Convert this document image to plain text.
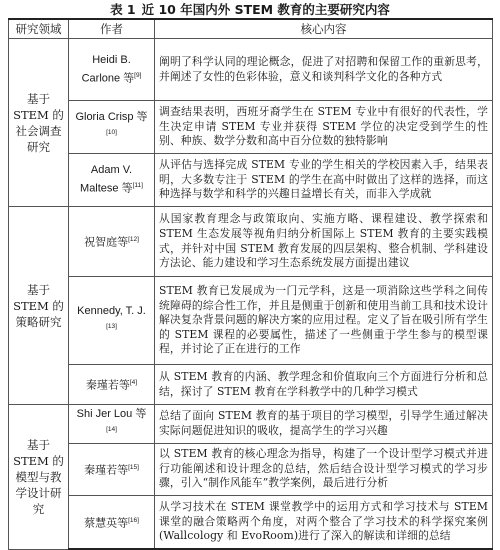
表 1 近 10 年国内外 STEM 教育的主要研究内容
研究领域	作者	核心内容
基于 STEM 的社会调查研究	Heidi B. Carlone 等[9]	阐明了科学认同的理论概念，促进了对招聘和保留工作的重新思考，并阐述了女性的色彩体验，意义和谈判科学文化的各种方式
	Gloria Crisp 等[10]	调查结果表明，西班牙裔学生在 STEM 专业中有很好的代表性，学生决定申请 STEM 专业并获得 STEM 学位的决定受到学生的性别、种族、数学分数和高中百分位数的独特影响
	Adam V. Maltese 等[11]	从评估与选择完成 STEM 专业的学生相关的学校因素入手，结果表明，大多数专注于 STEM 的学生在高中时做出了这样的选择，而这种选择与数学和科学的兴趣日益增长有关，而非入学成就
基于 STEM 的策略研究	祝智庭等[12]	从国家教育理念与政策取向、实施方略、课程建设、教学探索和 STEM 生态发展等视角归纳分析国际上 STEM 教育的主要实践模式，并针对中国 STEM 教育发展的四层架构、整合机制、学科建设方法论、能力建设和学习生态系统发展方面提出建议
	Kennedy, T. J.[13]	STEM 教育已发展成为一门元学科，这是一项消除这些学科之间传统障碍的综合性工作，并且是侧重于创新和使用当前工具和技术设计解决复杂背景问题的解决方案的应用过程。定义了旨在吸引所有学生的 STEM 课程的必要属性，描述了一些侧重于学生参与的模型课程，并讨论了正在进行的工作
	秦瑾若等[4]	从 STEM 教育的内涵、教学理念和价值取向三个方面进行分析和总结，探讨了 STEM 教育在学科教学中的几种学习模式
基于 STEM 的模型与教学设计研究	Shi Jer Lou 等[14]	总结了面向 STEM 教育的基于项目的学习模型，引导学生通过解决实际问题促进知识的吸收，提高学生的学习兴趣
	秦瑾若等[15]	以 STEM 教育的核心理念为指导，构建了一个设计型学习模式并进行功能阐述和设计理念的总结，然后结合设计型学习模式的学习步骤，引入“制作风能车”教学案例，最后进行分析
	蔡慧英等[16]	从学习技术在 STEM 课堂教学中的运用方式和学习技术与 STEM 课堂的融合策略两个角度，对两个整合了学习技术的科学探究案例(Wallcology 和 EvoRoom)进行了深入的解读和详细的总结
